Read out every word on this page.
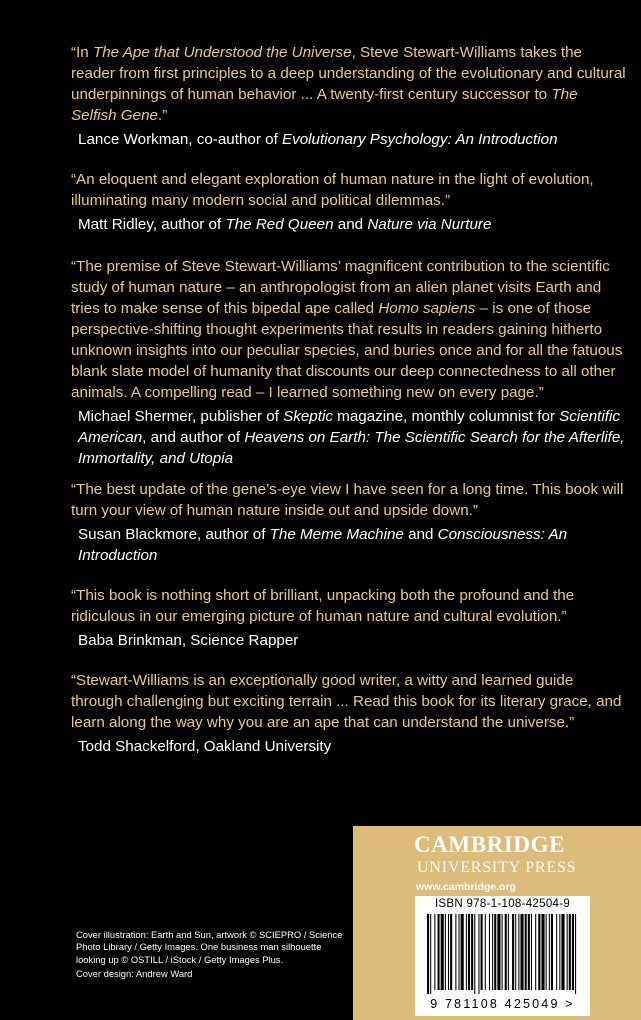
“In The Ape that Understood the Universe, Steve Stewart-Williams takes the reader from first principles to a deep understanding of the evolutionary and cultural underpinnings of human behavior ... A twenty-first century successor to The Selfish Gene.”

Lance Workman, co-author of Evolutionary Psychology: An Introduction

“An eloquent and elegant exploration of human nature in the light of evolution, illuminating many modern social and political dilemmas.”

Matt Ridley, author of The Red Queen and Nature via Nurture

“The premise of Steve Stewart-Williams’ magnificent contribution to the scientific study of human nature – an anthropologist from an alien planet visits Earth and tries to make sense of this bipedal ape called Homo sapiens – is one of those perspective-shifting thought experiments that results in readers gaining hitherto unknown insights into our peculiar species, and buries once and for all the fatuous blank slate model of humanity that discounts our deep connectedness to all other animals. A compelling read – I learned something new on every page.”

Michael Shermer, publisher of Skeptic magazine, monthly columnist for Scientific American, and author of Heavens on Earth: The Scientific Search for the Afterlife, Immortality, and Utopia

“The best update of the gene’s-eye view I have seen for a long time. This book will turn your view of human nature inside out and upside down.”

Susan Blackmore, author of The Meme Machine and Consciousness: An Introduction

“This book is nothing short of brilliant, unpacking both the profound and the ridiculous in our emerging picture of human nature and cultural evolution.”

Baba Brinkman, Science Rapper

“Stewart-Williams is an exceptionally good writer, a witty and learned guide through challenging but exciting terrain ... Read this book for its literary grace, and learn along the way why you are an ape that can understand the universe.”

Todd Shackelford, Oakland University

Cover illustration: Earth and Sun, artwork © SCIEPRO / Science Photo Library / Getty Images. One business man silhouette looking up © OSTILL / iStock / Getty Images Plus.

Cover design: Andrew Ward

CAMBRIDGE
UNIVERSITY PRESS
www.cambridge.org
ISBN 978-1-108-42504-9
9 781108 425049 >
